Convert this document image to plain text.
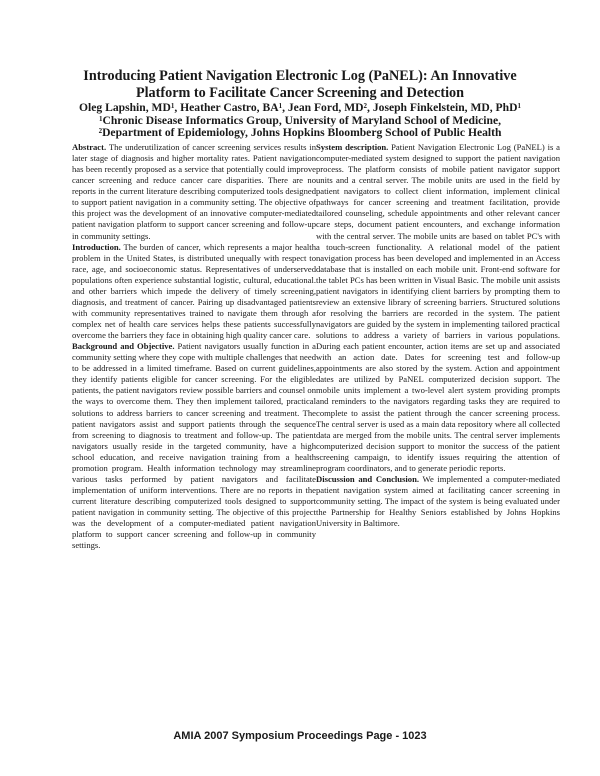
Introducing Patient Navigation Electronic Log (PaNEL): An Innovative
Platform to Facilitate Cancer Screening and Detection
Oleg Lapshin, $MD^1$, Heather Castro, $BA^1$, Jean Ford, $MD^2$, Joseph Finkelstein, MD, PhD$^1$
$^1$Chronic Disease Informatics Group, University of Maryland School of Medicine,
$^2$Department of Epidemiology, Johns Hopkins Bloomberg School of Public Health

Abstract. The underutilization of cancer screening services results in later stage of diagnosis and higher mortality rates. Patient navigation has been recently proposed as a service that potentially could improve cancer screening and reduce cancer care disparities. There are no reports in the current literature describing computerized tools designed to support patient navigation in a community setting. The objective of this project was the development of an innovative computer-mediated patient navigation platform to support cancer screening and follow-up in community settings.

Introduction. The burden of cancer, which represents a major health problem in the United States, is distributed unequally with respect to race, age, and socioeconomic status. Representatives of underserved populations often experience substantial logistic, cultural, educational. and other barriers which impede the delivery of timely screening, diagnosis, and treatment of cancer. Pairing up disadvantaged patients with community representatives trained to navigate them through a complex net of health care services helps these patients successfully overcome the barriers they face in obtaining high quality cancer care.

Background and Objective. Patient navigators usually function in a community setting where they cope with multiple challenges that need to be addressed in a limited timeframe. Based on current guidelines, they identify patients eligible for cancer screening. For the eligible patients, the patient navigators review possible barriers and counsel on the ways to overcome them. They then implement tailored, practical solutions to address barriers to cancer screening and treatment. The patient navigators assist and support patients through the sequence from screening to diagnosis to treatment and follow-up. The patient navigators usually reside in the targeted community, have a high school education, and receive navigation training from a health promotion program. Health information technology may streamline various tasks performed by patient navigators and facilitate implementation of uniform interventions. There are no reports in the current literature describing computerized tools designed to support patient navigation in community setting. The objective of this project was the development of a computer-mediated patient navigation platform to support cancer screening and follow-up in community settings.

System description. Patient Navigation Electronic Log (PaNEL) is a computer-mediated system designed to support the patient navigation process. The platform consists of mobile patient navigator support units and a central server. The mobile units are used in the field by patient navigators to collect client information, implement clinical pathways for cancer screening and treatment facilitation, provide tailored counseling, schedule appointments and other relevant cancer care steps, document patient encounters, and exchange information with the central server. The mobile units are based on tablet PC's with a touch-screen functionality. A relational model of the patient navigation process has been developed and implemented in an Access database that is installed on each mobile unit. Front-end software for the tablet PCs has been written in Visual Basic. The mobile unit assists patient navigators in identifying client barriers by prompting them to review an extensive library of screening barriers. Structured solutions for resolving the barriers are recorded in the system. The patient navigators are guided by the system in implementing tailored practical solutions to address a variety of barriers in various populations. During each patient encounter, action items are set up and associated with an action date. Dates for screening test and follow-up appointments are also stored by the system. Action and appointment dates are utilized by PaNEL computerized decision support. The mobile units implement a two-level alert system providing prompts and reminders to the navigators regarding tasks they are required to complete to assist the patient through the cancer screening process. The central server is used as a main data repository where all collected data are merged from the mobile units. The central server implements computerized decision support to monitor the success of the patient screening campaign, to identify issues requiring the attention of program coordinators, and to generate periodic reports.

Discussion and Conclusion. We implemented a computer-mediated patient navigation system aimed at facilitating cancer screening in community setting. The impact of the system is being evaluated under the Partnership for Healthy Seniors established by Johns Hopkins University in Baltimore.

AMIA 2007 Symposium Proceedings Page - 1023
